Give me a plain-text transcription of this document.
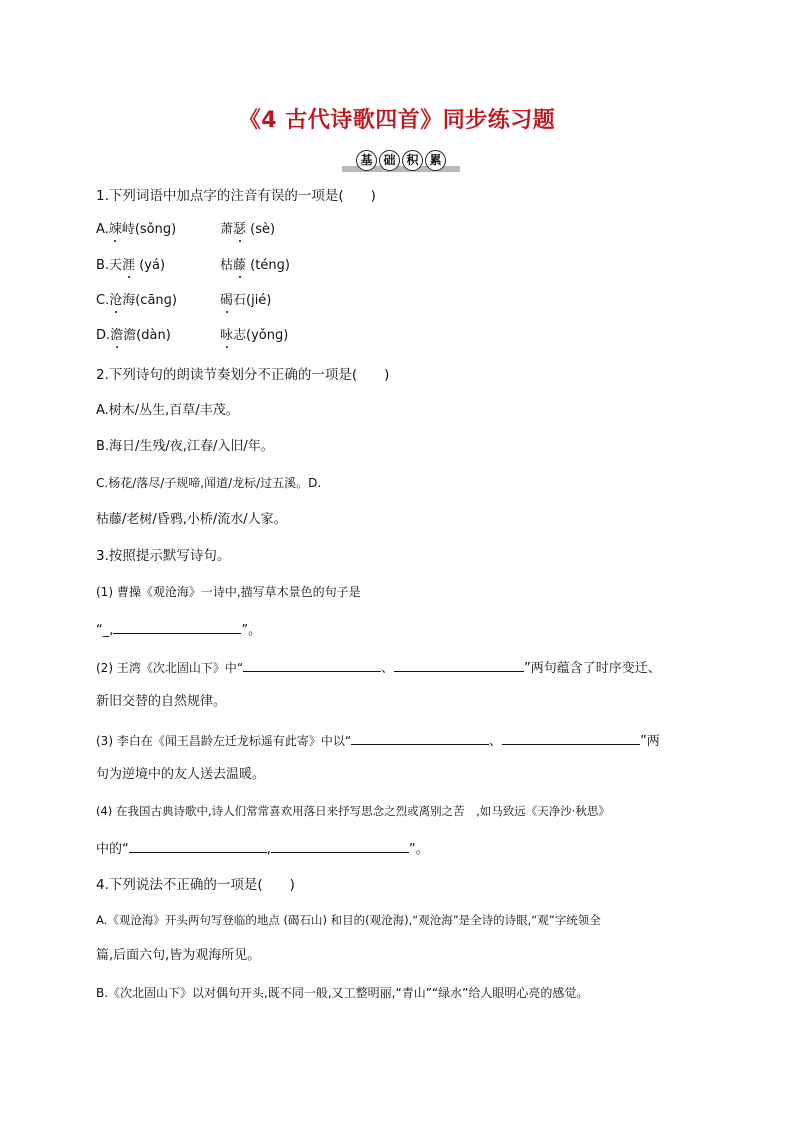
《4 古代诗歌四首》同步练习题
基 础 积 累
1.下列词语中加点字的注音有误的一项是(　　)
A.竦峙(sǒnɡ)	萧瑟 (sè)
B.天涯 (yá)	枯藤 (ténɡ)
C.沧海(cānɡ)	碣石(jié)
D.澹澹(dàn)	咏志(yǒnɡ)
2.下列诗句的朗读节奏划分不正确的一项是(　　)
A.树木/丛生,百草/丰茂。
B.海日/生残/夜,江春/入旧/年。
C.杨花/落尽/子规啼,闻道/龙标/过五溪。D.
枯藤/老树/昏鸦,小桥/流水/人家。
3.按照提示默写诗句。
(1) 曹操《观沧海》一诗中,描写草木景色的句子是
“_,	”。
(2) 王湾《次北固山下》中“	、	”两句蕴含了时序变迁、
新旧交替的自然规律。
(3) 李白在《闻王昌龄左迁龙标遥有此寄》中以“	、	”两
句为逆境中的友人送去温暖。
(4) 在我国古典诗歌中,诗人们常常喜欢用落日来抒写思念之烈或离别之苦　,如马致远《天净沙·秋思》
中的“	,	”。
4.下列说法不正确的一项是(　　)
A.《观沧海》开头两句写登临的地点 (碣石山) 和目的(观沧海),“观沧海”是全诗的诗眼,“观”字统领全
篇,后面六句,皆为观海所见。
B.《次北固山下》以对偶句开头,既不同一般,又工整明丽,“青山”“绿水”给人眼明心亮的感觉。
